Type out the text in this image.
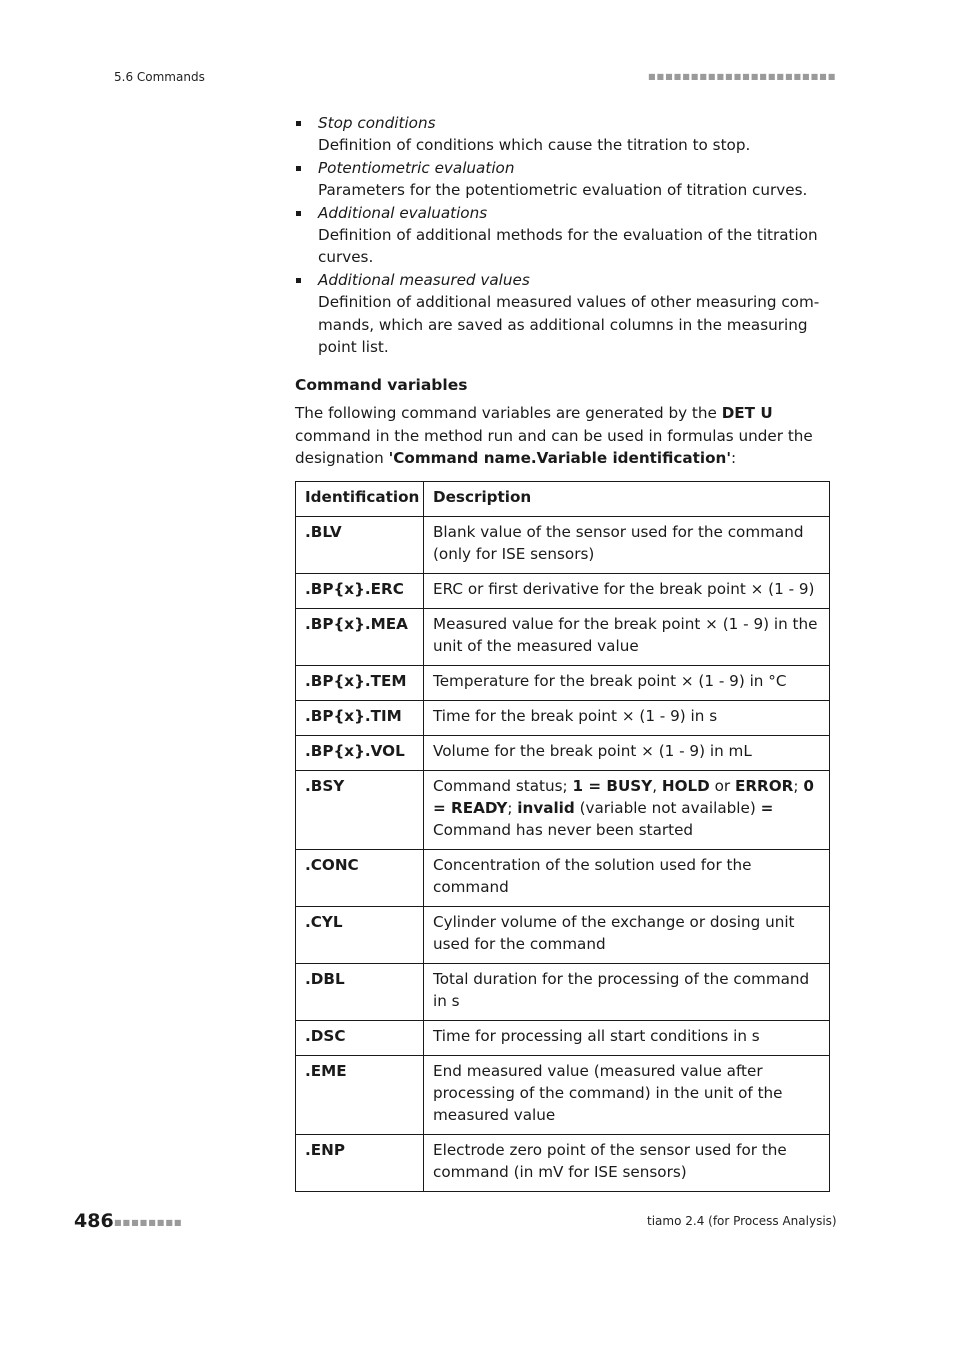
5.6 Commands	■■■■■■■■■■■■■■■■■■■■■■
Stop conditions
Definition of conditions which cause the titration to stop.
Potentiometric evaluation
Parameters for the potentiometric evaluation of titration curves.
Additional evaluations
Definition of additional methods for the evaluation of the titration curves.
Additional measured values
Definition of additional measured values of other measuring commands, which are saved as additional columns in the measuring point list.
Command variables

The following command variables are generated by the DET U command in the method run and can be used in formulas under the designation 'Command name.Variable identification':

Identification	Description
.BLV	Blank value of the sensor used for the command (only for ISE sensors)
.BP{x}.ERC	ERC or first derivative for the break point × (1 - 9)
.BP{x}.MEA	Measured value for the break point × (1 - 9) in the unit of the measured value
.BP{x}.TEM	Temperature for the break point × (1 - 9) in °C
.BP{x}.TIM	Time for the break point × (1 - 9) in s
.BP{x}.VOL	Volume for the break point × (1 - 9) in mL
.BSY	Command status; 1 = BUSY, HOLD or ERROR; 0 = READY; invalid (variable not available) = Command has never been started
.CONC	Concentration of the solution used for the command
.CYL	Cylinder volume of the exchange or dosing unit used for the command
.DBL	Total duration for the processing of the command in s
.DSC	Time for processing all start conditions in s
.EME	End measured value (measured value after processing of the command) in the unit of the measured value
.ENP	Electrode zero point of the sensor used for the command (in mV for ISE sensors)
486 ■■■■■■■■	tiamo 2.4 (for Process Analysis)
